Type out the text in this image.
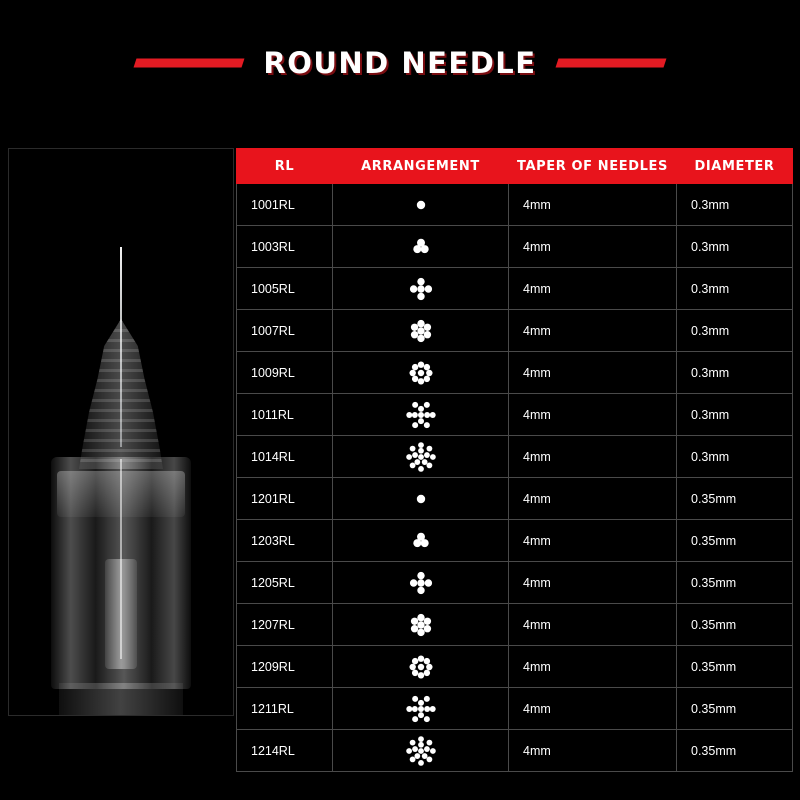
ROUND NEEDLE
RL	ARRANGEMENT	TAPER OF NEEDLES	DIAMETER
1001RL		4mm	0.3mm
1003RL		4mm	0.3mm
1005RL		4mm	0.3mm
1007RL		4mm	0.3mm
1009RL		4mm	0.3mm
1011RL		4mm	0.3mm
1014RL		4mm	0.3mm
1201RL		4mm	0.35mm
1203RL		4mm	0.35mm
1205RL		4mm	0.35mm
1207RL		4mm	0.35mm
1209RL		4mm	0.35mm
1211RL		4mm	0.35mm
1214RL		4mm	0.35mm
